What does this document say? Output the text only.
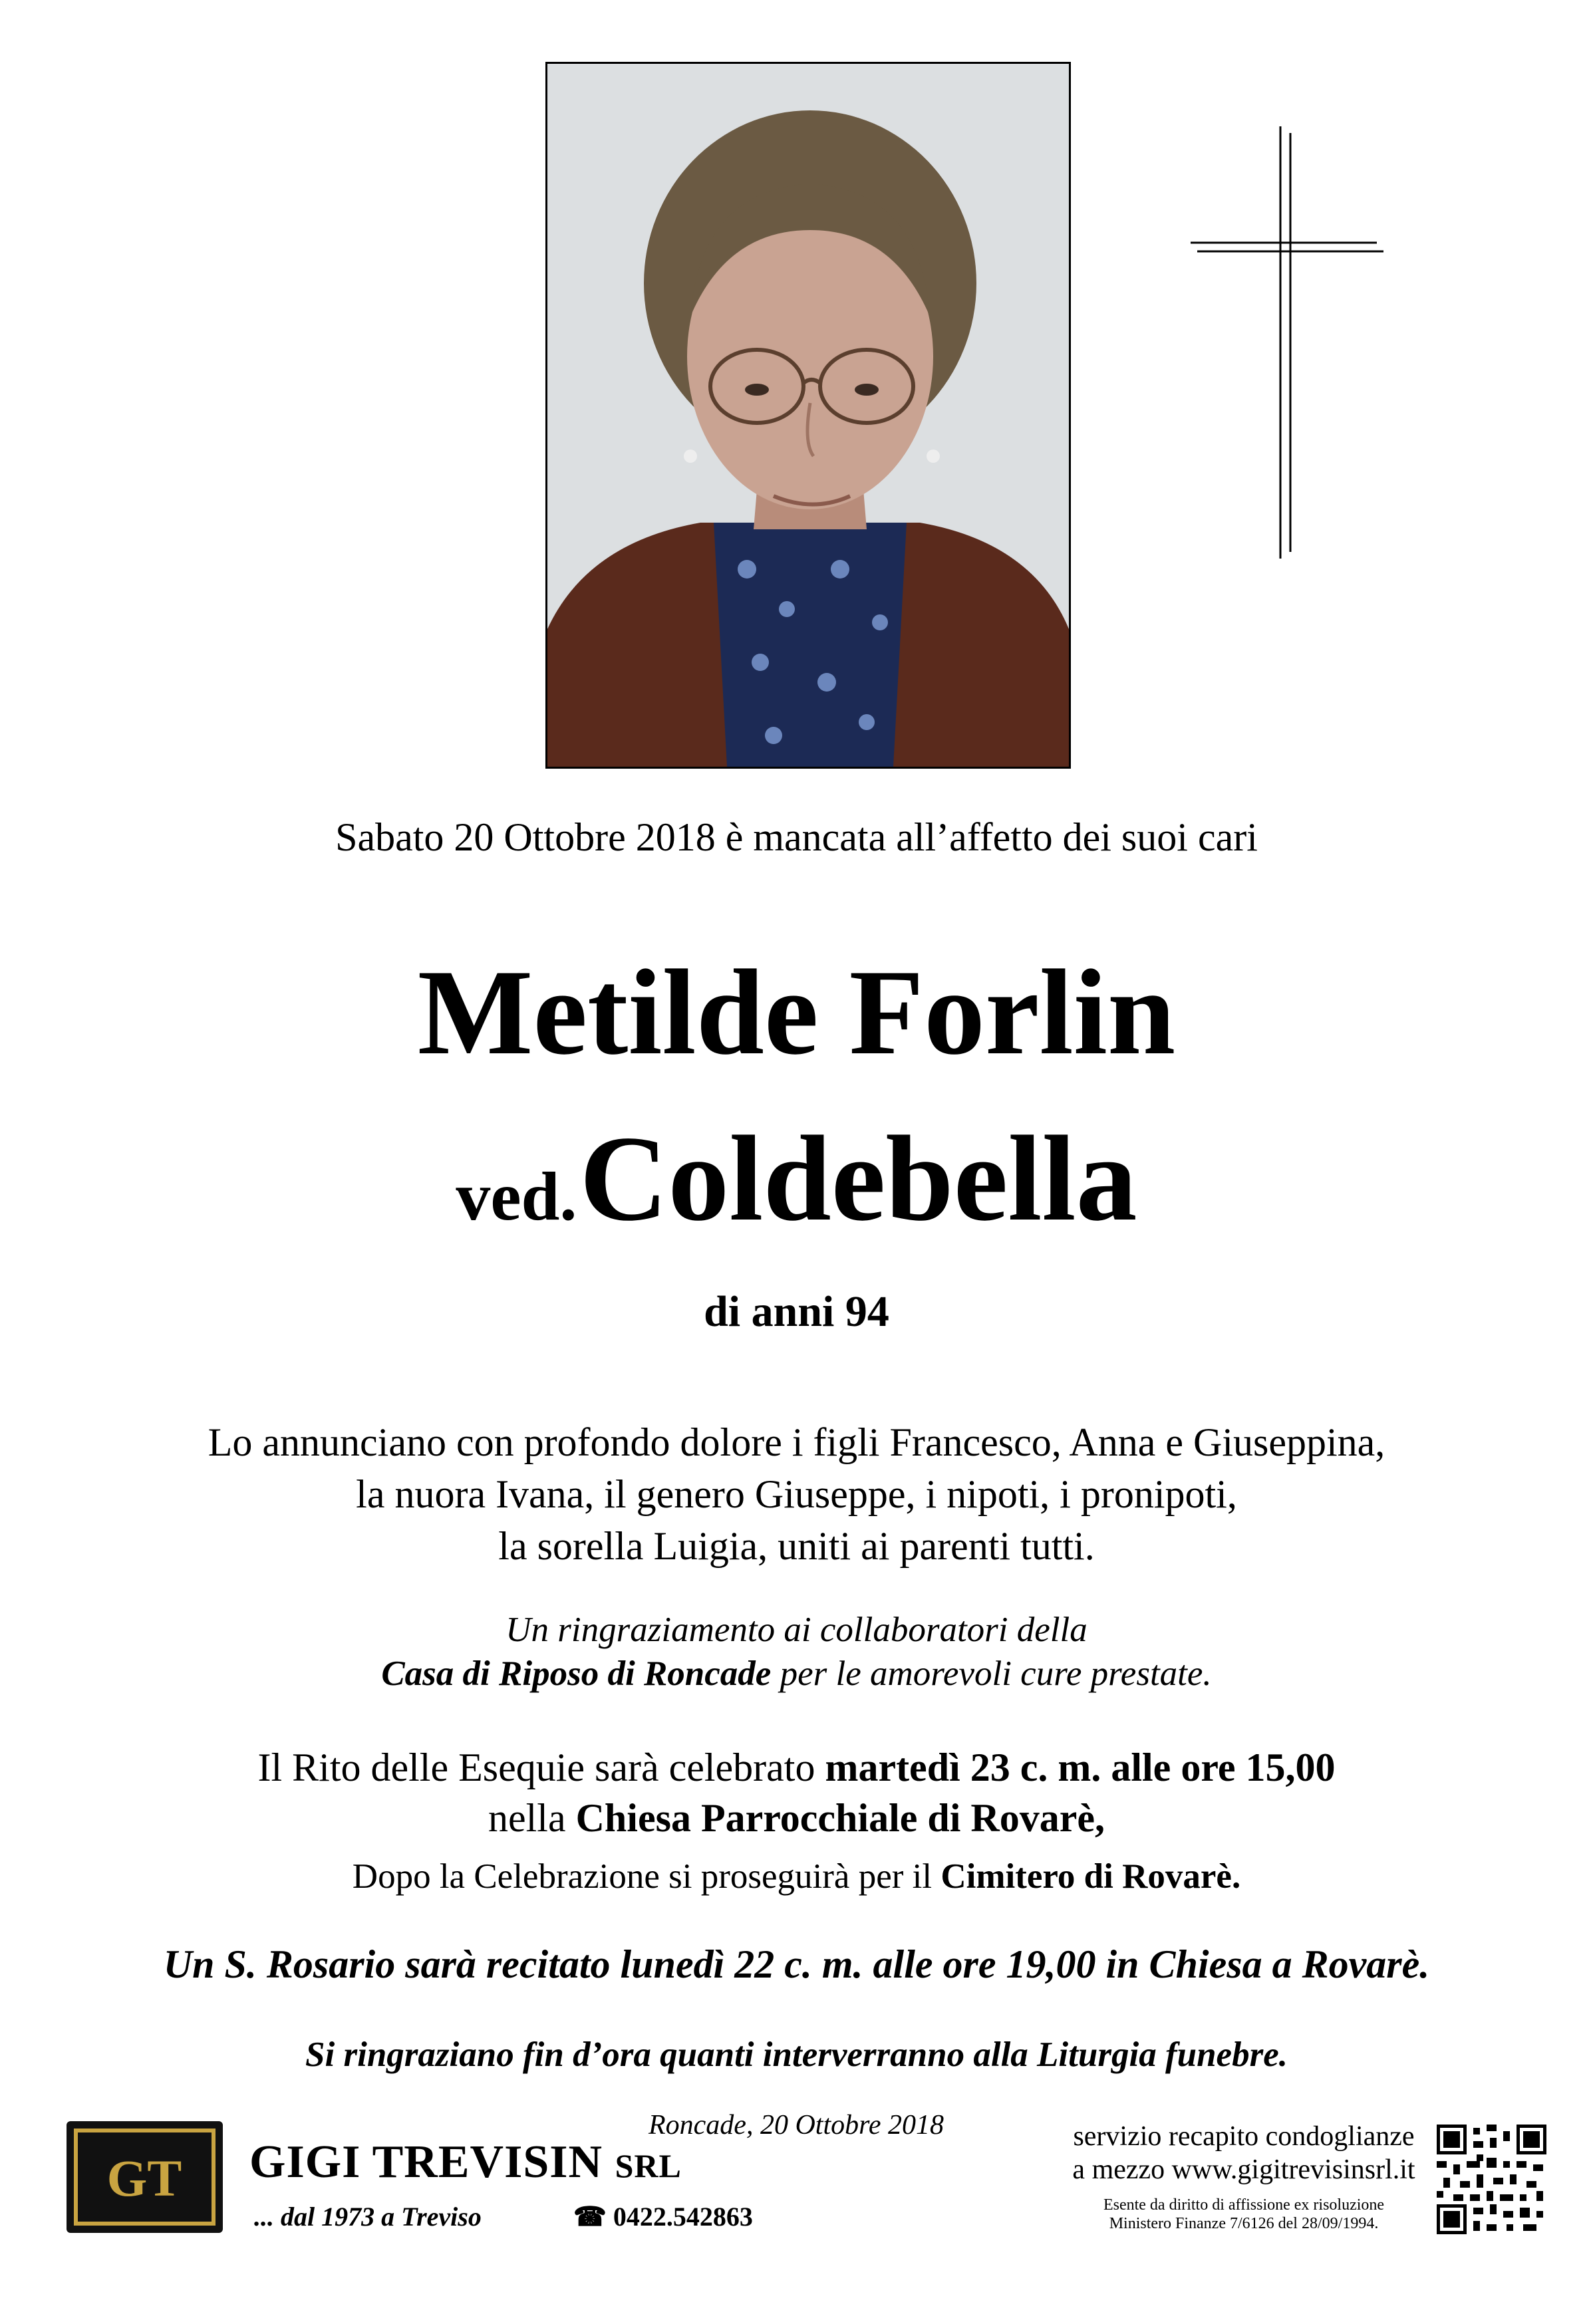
Sabato 20 Ottobre 2018 è mancata all’affetto dei suoi cari
Metilde Forlin
ved. Coldebella
di anni 94
Lo annunciano con profondo dolore i figli Francesco, Anna e Giuseppina,
la nuora Ivana, il genero Giuseppe, i nipoti, i pronipoti,
la sorella Luigia, uniti ai parenti tutti.
Un ringraziamento ai collaboratori della
Casa di Riposo di Roncade per le amorevoli cure prestate.
Il Rito delle Esequie sarà celebrato martedì 23 c. m. alle ore 15,00
nella Chiesa Parrocchiale di Rovarè,
Dopo la Celebrazione si proseguirà per il Cimitero di Rovarè.
Un S. Rosario sarà recitato lunedì 22 c. m. alle ore 19,00 in Chiesa a Rovarè.
Si ringraziano fin d’ora quanti interverranno alla Liturgia funebre.
GT
Roncade, 20 Ottobre 2018
GIGI TREVISIN SRL
... dal 1973 a Treviso	☎ 0422.542863
servizio recapito condoglianze
a mezzo www.gigitrevisinsrl.it
Esente da diritto di affissione ex risoluzione
Ministero Finanze 7/6126 del 28/09/1994.
